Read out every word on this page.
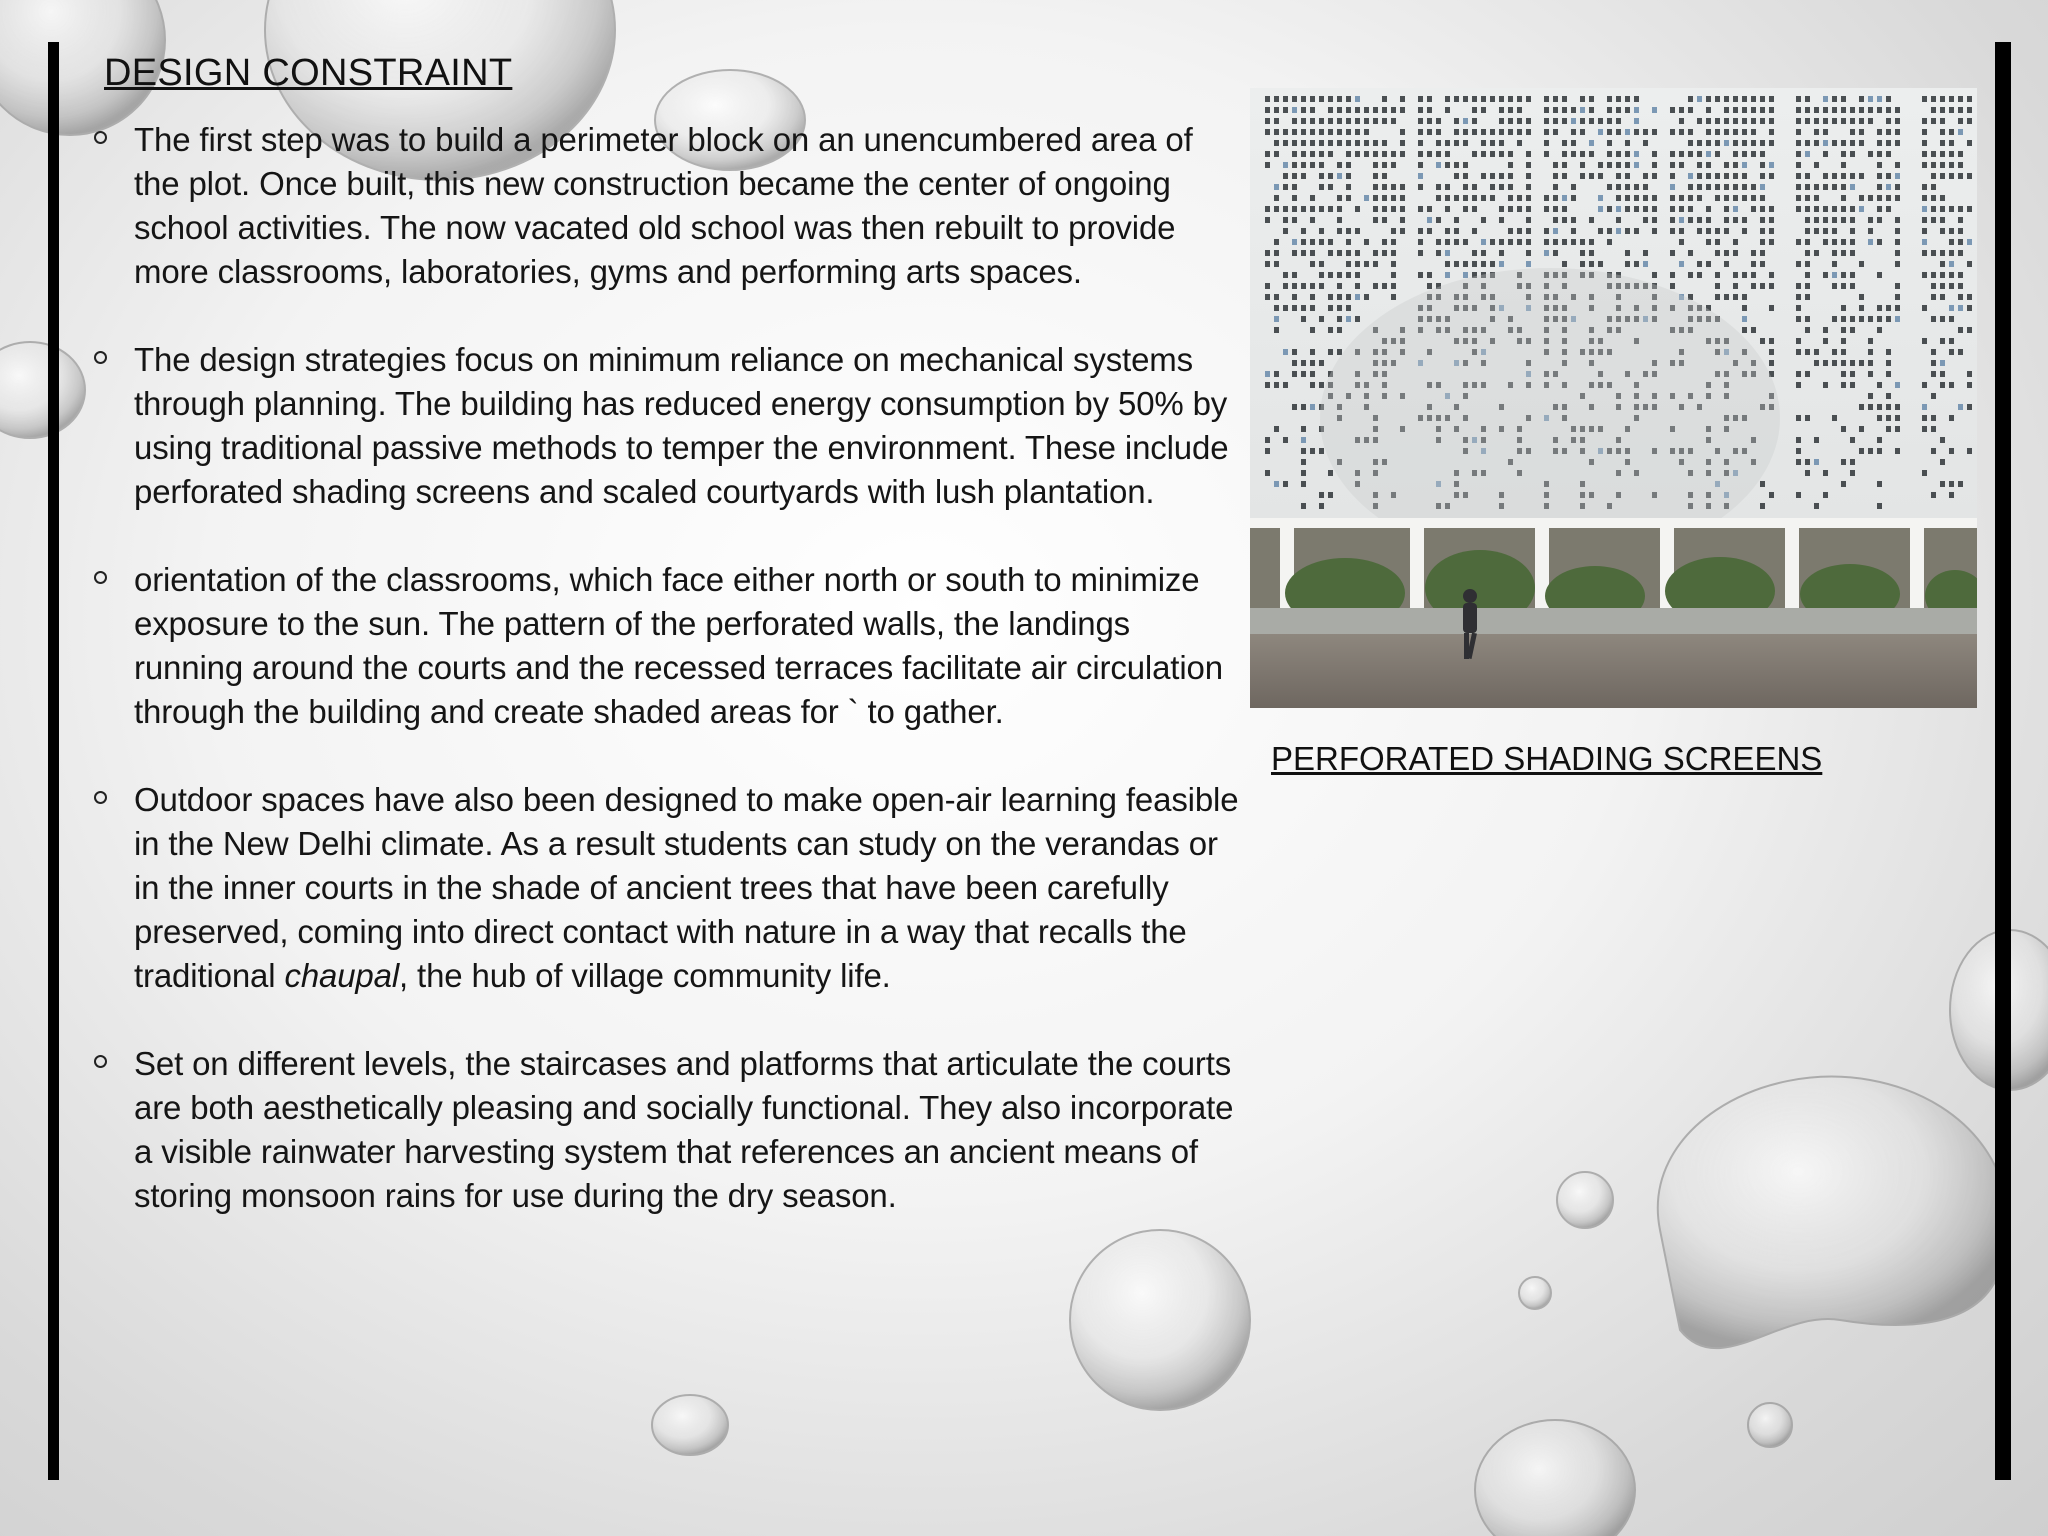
DESIGN CONSTRAINT
The first step was to build a perimeter block on an unencumbered area of the plot. Once built, this new construction became the center of ongoing school activities. The now vacated old school was then rebuilt to provide more classrooms, laboratories, gyms and performing arts spaces.
The design strategies focus on minimum reliance on mechanical systems through planning. The building has reduced energy consumption by 50% by using traditional passive methods to temper the environment. These include perforated shading screens and scaled courtyards with lush plantation.
orientation of the classrooms, which face either north or south to minimize exposure to the sun. The pattern of the perforated walls, the landings running around the courts and the recessed terraces facilitate air circulation through the building and create shaded areas for ` to gather.
Outdoor spaces have also been designed to make open-air learning feasible in the New Delhi climate. As a result students can study on the verandas or in the inner courts in the shade of ancient trees that have been carefully preserved, coming into direct contact with nature in a way that recalls the traditional chaupal, the hub of village community life.
Set on different levels, the staircases and platforms that articulate the courts are both aesthetically pleasing and socially functional. They also incorporate a visible rainwater harvesting system that references an ancient means of storing monsoon rains for use during the dry season.
PERFORATED SHADING SCREENS
